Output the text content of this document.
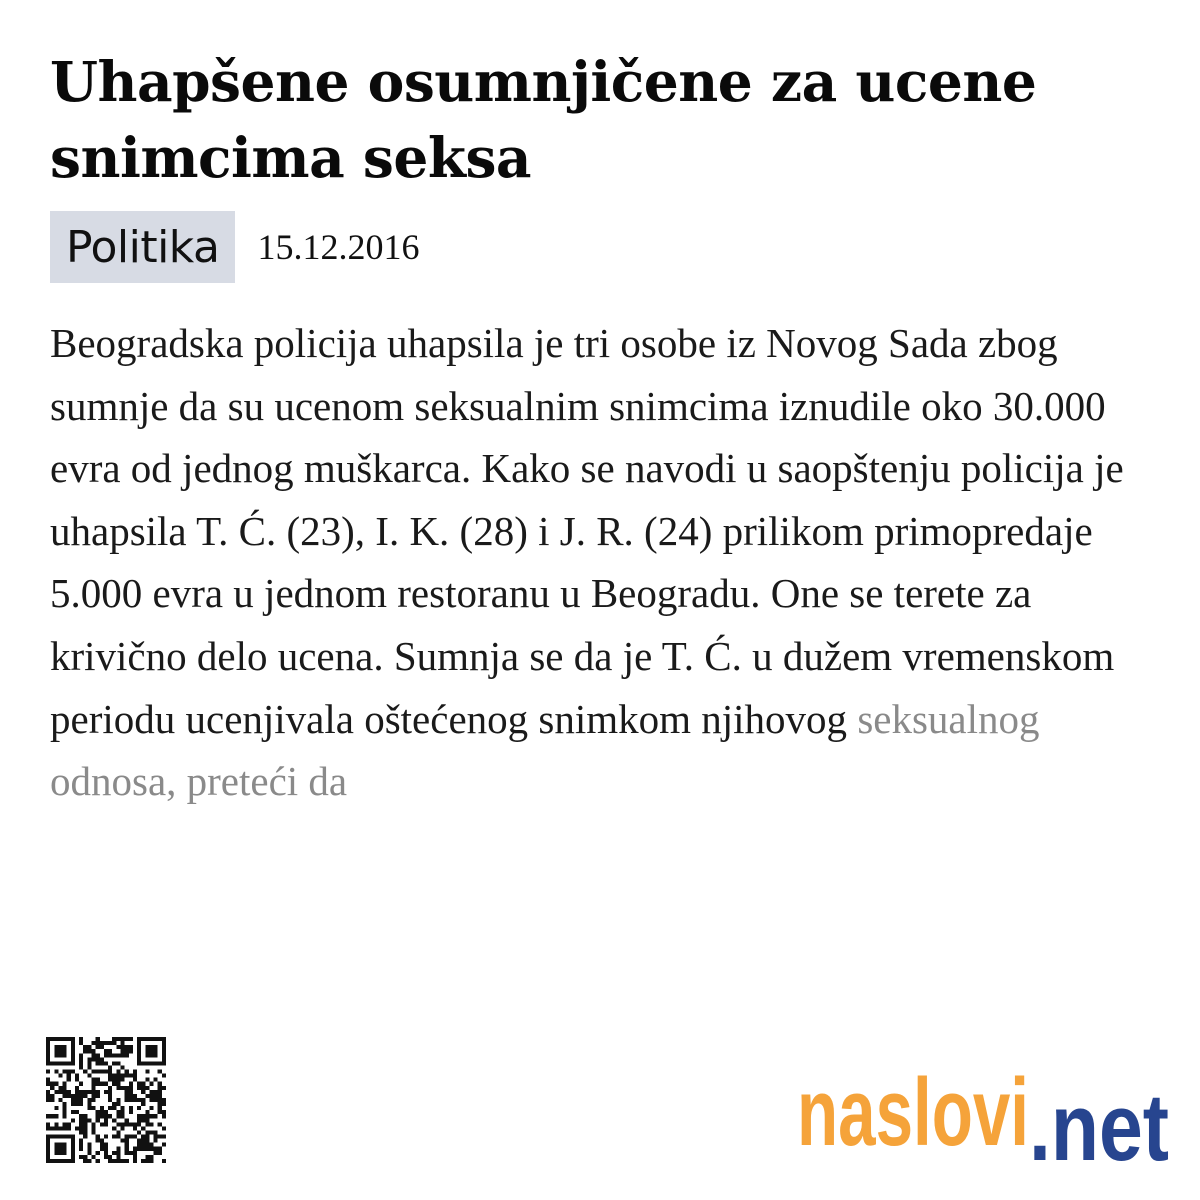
Uhapšene osumnjičene za ucene snimcima seksa
Politika	15.12.2016

Beogradska policija uhapsila je tri osobe iz Novog Sada zbog sumnje da su ucenom seksualnim snimcima iznudile oko 30.000 evra od jednog muškarca. Kako se navodi u saopštenju policija je uhapsila T. Ć. (23), I. K. (28) i J. R. (24) prilikom primopredaje 5.000 evra u jednom restoranu u Beogradu. One se terete za krivično delo ucena. Sumnja se da je T. Ć. u dužem vremenskom periodu ucenjivala oštećenog snimkom njihovog seksualnog odnosa, preteći da

naslovi .net
